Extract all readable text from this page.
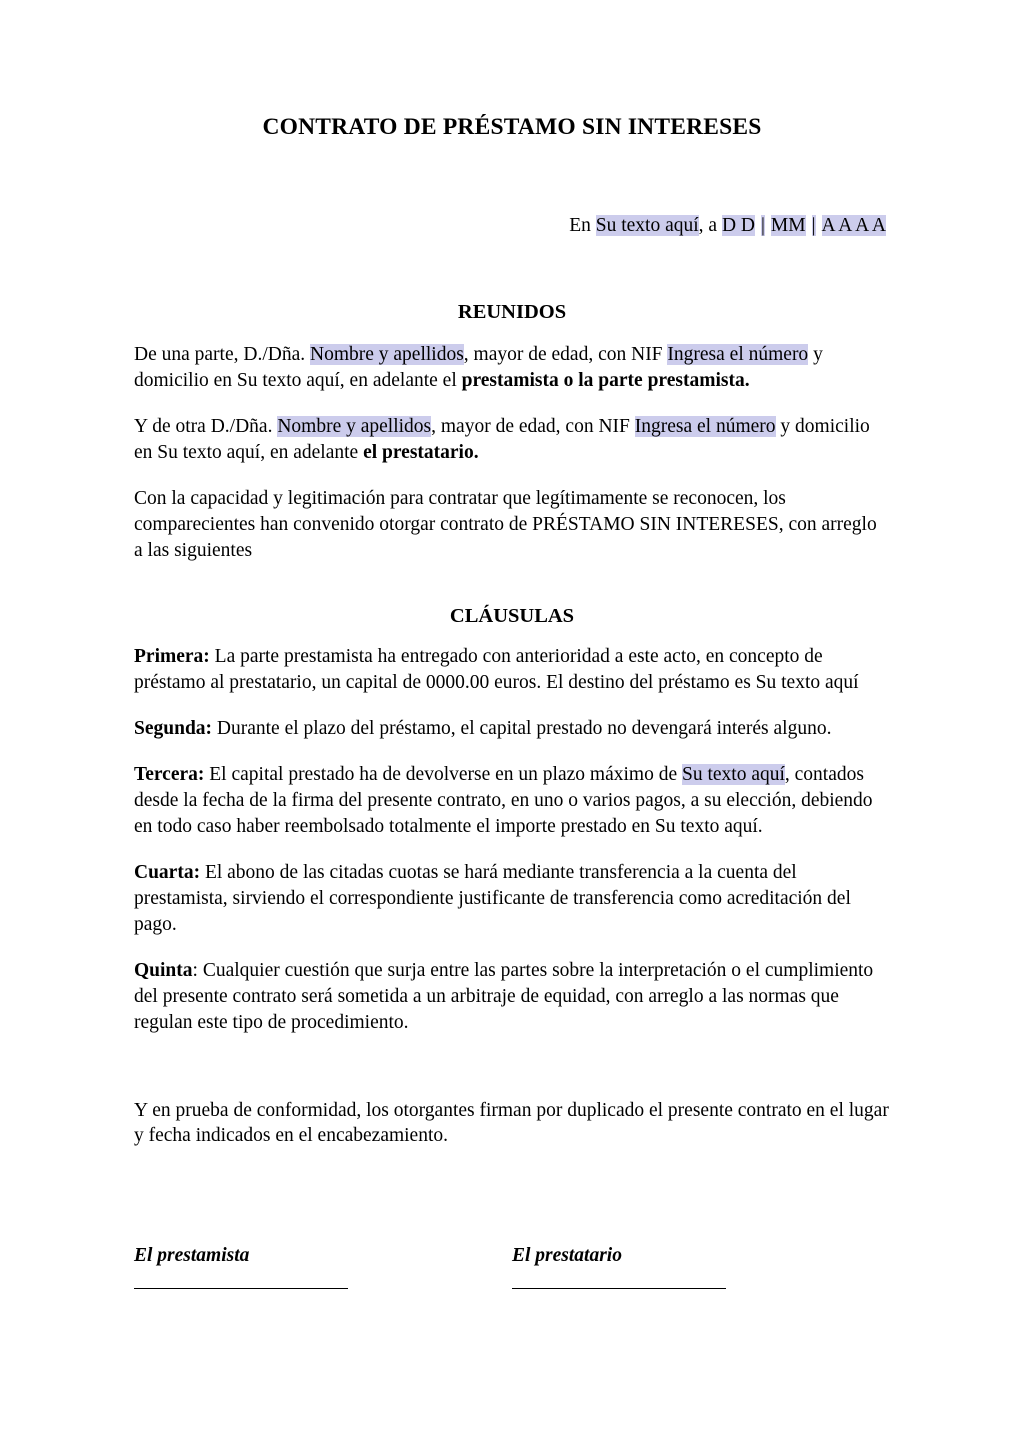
CONTRATO DE PRÉSTAMO SIN INTERESES
En Su texto aquí, a D D | MM | A A A A
REUNIDOS

De una parte, D./Dña. Nombre y apellidos, mayor de edad, con NIF Ingresa el número y domicilio en Su texto aquí, en adelante el prestamista o la parte prestamista.

Y de otra D./Dña. Nombre y apellidos, mayor de edad, con NIF Ingresa el número y domicilio en Su texto aquí, en adelante el prestatario.

Con la capacidad y legitimación para contratar que legítimamente se reconocen, los comparecientes han convenido otorgar contrato de PRÉSTAMO SIN INTERESES, con arreglo a las siguientes

CLÁUSULAS

Primera: La parte prestamista ha entregado con anterioridad a este acto, en concepto de préstamo al prestatario, un capital de 0000.00 euros. El destino del préstamo es Su texto aquí

Segunda: Durante el plazo del préstamo, el capital prestado no devengará interés alguno.

Tercera: El capital prestado ha de devolverse en un plazo máximo de Su texto aquí, contados desde la fecha de la firma del presente contrato, en uno o varios pagos, a su elección, debiendo en todo caso haber reembolsado totalmente el importe prestado en Su texto aquí.

Cuarta: El abono de las citadas cuotas se hará mediante transferencia a la cuenta del prestamista, sirviendo el correspondiente justificante de transferencia como acreditación del pago.

Quinta: Cualquier cuestión que surja entre las partes sobre la interpretación o el cumplimiento del presente contrato será sometida a un arbitraje de equidad, con arreglo a las normas que regulan este tipo de procedimiento.

Y en prueba de conformidad, los otorgantes firman por duplicado el presente contrato en el lugar y fecha indicados en el encabezamiento.

El prestamista	El prestatario
